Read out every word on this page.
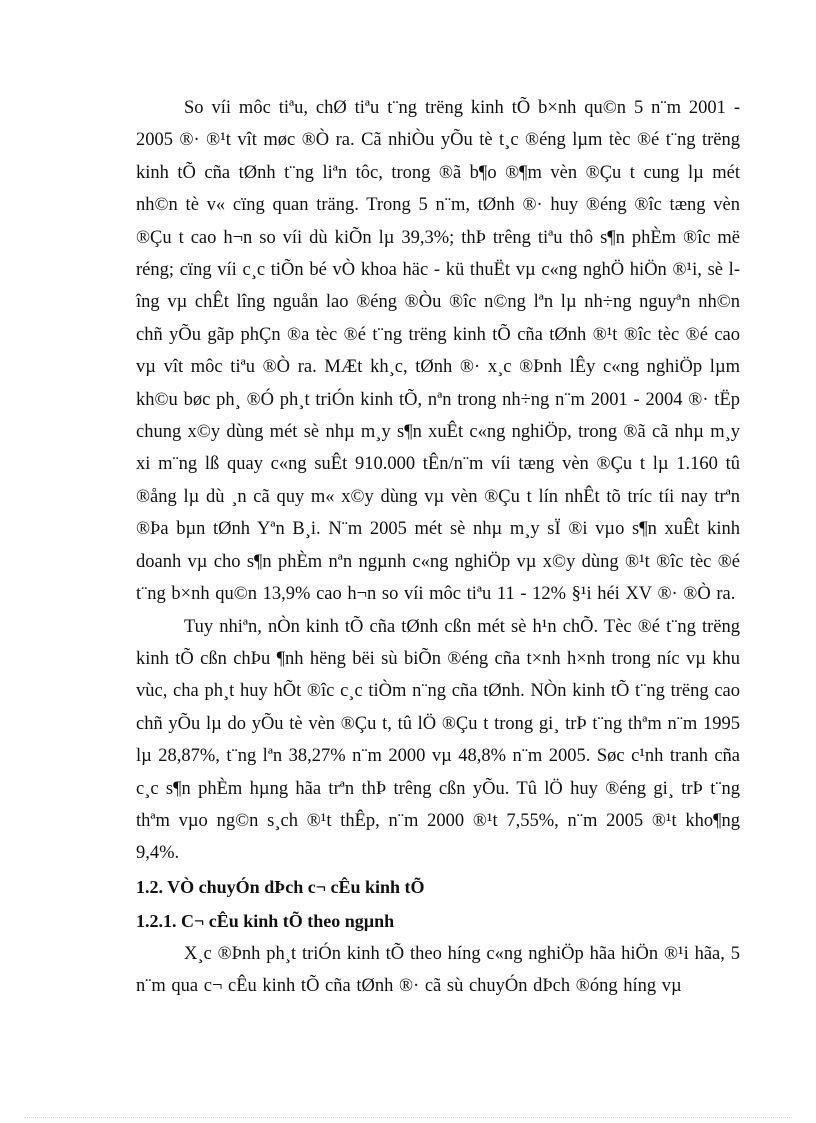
So víi môc tiªu, chØ tiªu t¨ng trëng kinh tÕ b×nh qu©n 5 n¨m 2001 - 2005 ®· ®¹t vît møc ®Ò ra. Cã nhiÒu yÕu tè t¸c ®éng lµm tèc ®é t¨ng trëng kinh tÕ cña tØnh t¨ng liªn tôc, trong ®ã b¶o ®¶m vèn ®Çu t cung lµ mét nh©n tè v« cïng quan träng. Trong 5 n¨m, tØnh ®· huy ®éng ®îc tæng vèn ®Çu t cao h¬n so víi dù kiÕn lµ 39,3%; thÞ trêng tiªu thô s¶n phÈm ®îc më réng; cïng víi c¸c tiÕn bé vÒ khoa häc - kü thuËt vµ c«ng nghÖ hiÖn ®¹i, sè lîng vµ chÊt lîng nguån lao ®éng ®Òu ®îc n©ng lªn lµ nh÷ng nguyªn nh©n chñ yÕu gãp phÇn ®a tèc ®é t¨ng trëng kinh tÕ cña tØnh ®¹t ®îc tèc ®é cao vµ vît môc tiªu ®Ò ra. MÆt kh¸c, tØnh ®· x¸c ®Þnh lÊy c«ng nghiÖp lµm kh©u bøc ph¸ ®Ó ph¸t triÓn kinh tÕ, nªn trong nh÷ng n¨m 2001 - 2004 ®· tËp chung x©y dùng mét sè nhµ m¸y s¶n xuÊt c«ng nghiÖp, trong ®ã cã nhµ m¸y xi m¨ng lß quay c«ng suÊt 910.000 tÊn/n¨m víi tæng vèn ®Çu t lµ 1.160 tû ®ång lµ dù ¸n cã quy m« x©y dùng vµ vèn ®Çu t lín nhÊt tõ tríc tíi nay trªn ®Þa bµn tØnh Yªn B¸i. N¨m 2005 mét sè nhµ m¸y sÏ ®i vµo s¶n xuÊt kinh doanh vµ cho s¶n phÈm nªn ngµnh c«ng nghiÖp vµ x©y dùng ®¹t ®îc tèc ®é t¨ng b×nh qu©n 13,9% cao h¬n so víi môc tiªu 11 - 12% §¹i héi XV ®· ®Ò ra.

Tuy nhiªn, nÒn kinh tÕ cña tØnh cßn mét sè h¹n chÕ. Tèc ®é t¨ng trëng kinh tÕ cßn chÞu ¶nh hëng bëi sù biÕn ®éng cña t×nh h×nh trong níc vµ khu vùc, cha ph¸t huy hÕt ®îc c¸c tiÒm n¨ng cña tØnh. NÒn kinh tÕ t¨ng trëng cao chñ yÕu lµ do yÕu tè vèn ®Çu t, tû lÖ ®Çu t trong gi¸ trÞ t¨ng thªm n¨m 1995 lµ 28,87%, t¨ng lªn 38,27% n¨m 2000 vµ 48,8% n¨m 2005. Søc c¹nh tranh cña c¸c s¶n phÈm hµng hãa trªn thÞ trêng cßn yÕu. Tû lÖ huy ®éng gi¸ trÞ t¨ng thªm vµo ng©n s¸ch ®¹t thÊp, n¨m 2000 ®¹t 7,55%, n¨m 2005 ®¹t kho¶ng 9,4%.

1.2. VÒ chuyÓn dÞch c¬ cÊu kinh tÕ

1.2.1. C¬ cÊu kinh tÕ theo ngµnh

X¸c ®Þnh ph¸t triÓn kinh tÕ theo híng c«ng nghiÖp hãa hiÖn ®¹i hãa, 5 n¨m qua c¬ cÊu kinh tÕ cña tØnh ®· cã sù chuyÓn dÞch ®óng híng vµ
